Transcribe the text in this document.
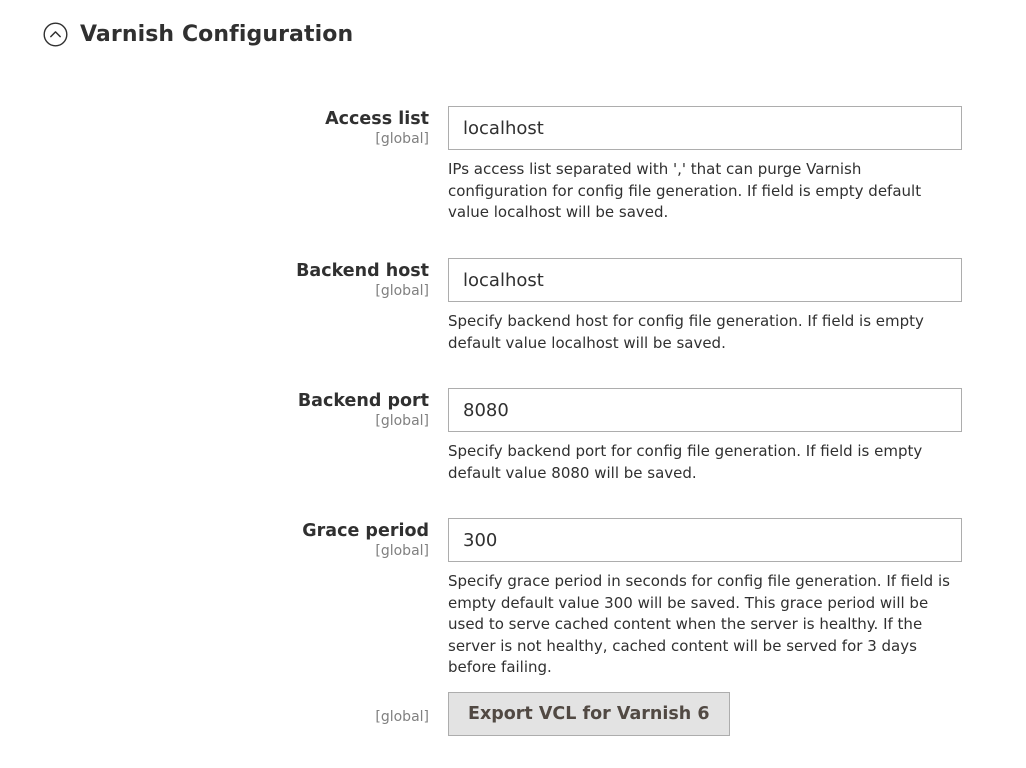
Varnish Configuration
Access list
[global]
localhost
IPs access list separated with ',' that can purge Varnish configuration for config file generation. If field is empty default value localhost will be saved.
Backend host
[global]
localhost
Specify backend host for config file generation. If field is empty default value localhost will be saved.
Backend port
[global]
8080
Specify backend port for config file generation. If field is empty default value 8080 will be saved.
Grace period
[global]
300
Specify grace period in seconds for config file generation. If field is empty default value 300 will be saved. This grace period will be used to serve cached content when the server is healthy. If the server is not healthy, cached content will be served for 3 days before failing.
[global]	Export VCL for Varnish 6
